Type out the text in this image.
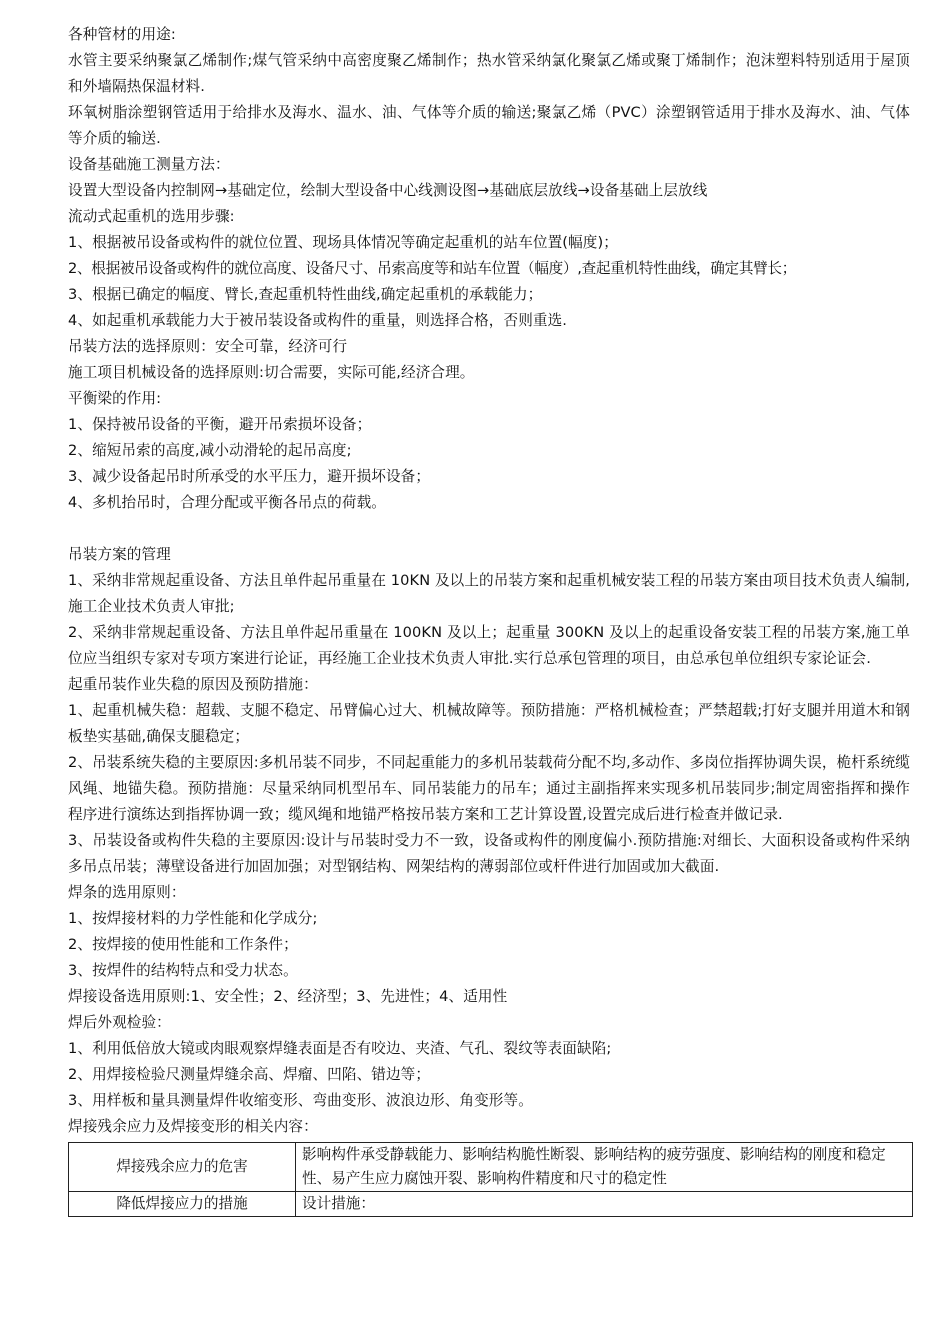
各种管材的用途:

水管主要采纳聚氯乙烯制作;煤气管采纳中高密度聚乙烯制作；热水管采纳氯化聚氯乙烯或聚丁烯制作；泡沫塑料特别适用于屋顶和外墙隔热保温材料.

环氧树脂涂塑钢管适用于给排水及海水、温水、油、气体等介质的输送;聚氯乙烯（PVC）涂塑钢管适用于排水及海水、油、气体等介质的输送.

设备基础施工测量方法：

设置大型设备内控制网→基础定位，绘制大型设备中心线测设图→基础底层放线→设备基础上层放线

流动式起重机的选用步骤:

1、根据被吊设备或构件的就位位置、现场具体情况等确定起重机的站车位置(幅度)；

2、根据被吊设备或构件的就位高度、设备尺寸、吊索高度等和站车位置（幅度）,查起重机特性曲线，确定其臂长；

3、根据已确定的幅度、臂长,查起重机特性曲线,确定起重机的承载能力；

4、如起重机承载能力大于被吊装设备或构件的重量，则选择合格，否则重选.

吊装方法的选择原则：安全可靠，经济可行

施工项目机械设备的选择原则:切合需要，实际可能,经济合理。

平衡梁的作用:

1、保持被吊设备的平衡，避开吊索损坏设备；

2、缩短吊索的高度,减小动滑轮的起吊高度;

3、减少设备起吊时所承受的水平压力，避开损坏设备；

4、多机抬吊时，合理分配或平衡各吊点的荷载。

吊装方案的管理

1、采纳非常规起重设备、方法且单件起吊重量在 10KN 及以上的吊装方案和起重机械安装工程的吊装方案由项目技术负责人编制,施工企业技术负责人审批;

2、采纳非常规起重设备、方法且单件起吊重量在 100KN 及以上；起重量 300KN 及以上的起重设备安装工程的吊装方案,施工单位应当组织专家对专项方案进行论证，再经施工企业技术负责人审批.实行总承包管理的项目，由总承包单位组织专家论证会.

起重吊装作业失稳的原因及预防措施：

1、起重机械失稳：超载、支腿不稳定、吊臂偏心过大、机械故障等。预防措施：严格机械检查；严禁超载;打好支腿并用道木和钢板垫实基础,确保支腿稳定；

2、吊装系统失稳的主要原因:多机吊装不同步，不同起重能力的多机吊装载荷分配不均,多动作、多岗位指挥协调失误，桅杆系统缆风绳、地锚失稳。预防措施：尽量采纳同机型吊车、同吊装能力的吊车；通过主副指挥来实现多机吊装同步;制定周密指挥和操作程序进行演练达到指挥协调一致；缆风绳和地锚严格按吊装方案和工艺计算设置,设置完成后进行检查并做记录.

3、吊装设备或构件失稳的主要原因:设计与吊装时受力不一致，设备或构件的刚度偏小.预防措施:对细长、大面积设备或构件采纳多吊点吊装；薄壁设备进行加固加强；对型钢结构、网架结构的薄弱部位或杆件进行加固或加大截面.

焊条的选用原则：

1、按焊接材料的力学性能和化学成分;

2、按焊接的使用性能和工作条件；

3、按焊件的结构特点和受力状态。

焊接设备选用原则:1、安全性；2、经济型；3、先进性；4、适用性

焊后外观检验：

1、利用低倍放大镜或肉眼观察焊缝表面是否有咬边、夹渣、气孔、裂纹等表面缺陷;

2、用焊接检验尺测量焊缝余高、焊瘤、凹陷、错边等；

3、用样板和量具测量焊件收缩变形、弯曲变形、波浪边形、角变形等。

焊接残余应力及焊接变形的相关内容：

焊接残余应力的危害	影响构件承受静载能力、影响结构脆性断裂、影响结构的疲劳强度、影响结构的刚度和稳定性、易产生应力腐蚀开裂、影响构件精度和尺寸的稳定性
降低焊接应力的措施	设计措施：
